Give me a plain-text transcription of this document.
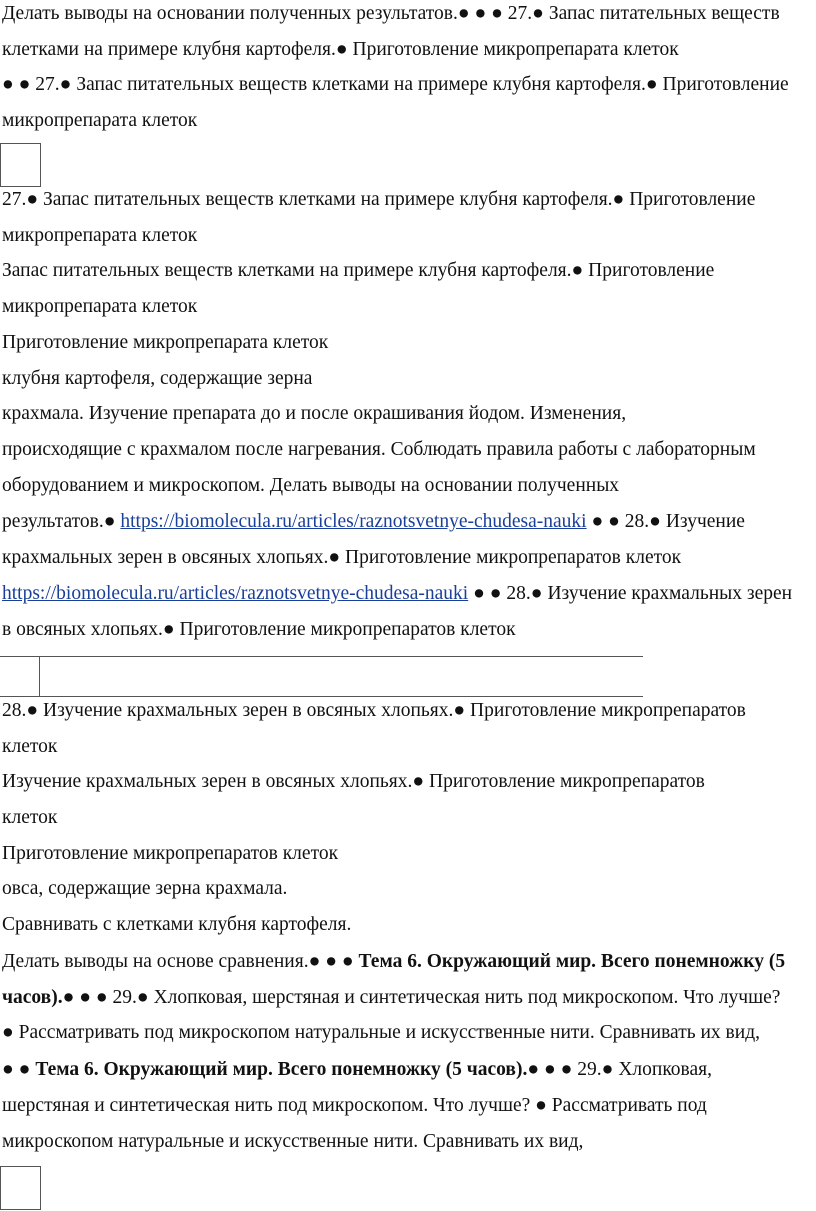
Делать выводы на основании полученных результатов.● ● ● 27.● Запас питательных веществ

клетками на примере клубня картофеля.● Приготовление микропрепарата клеток

● ● 27.● Запас питательных веществ клетками на примере клубня картофеля.● Приготовление

микропрепарата клеток

27.● Запас питательных веществ клетками на примере клубня картофеля.● Приготовление

микропрепарата клеток

Запас питательных веществ клетками на примере клубня картофеля.● Приготовление

микропрепарата клеток

Приготовление микропрепарата клеток

клубня картофеля, содержащие зерна

крахмала. Изучение препарата до и после окрашивания йодом. Изменения,

происходящие с крахмалом после нагревания. Соблюдать правила работы с лабораторным

оборудованием и микроскопом. Делать выводы на основании полученных

результатов.● https://biomolecula.ru/articles/raznotsvetnye-chudesa-nauki ● ● 28.● Изучение

крахмальных зерен в овсяных хлопьях.● Приготовление микропрепаратов клеток

https://biomolecula.ru/articles/raznotsvetnye-chudesa-nauki ● ● 28.● Изучение крахмальных зерен

в овсяных хлопьях.● Приготовление микропрепаратов клеток

28.● Изучение крахмальных зерен в овсяных хлопьях.● Приготовление микропрепаратов

клеток

Изучение крахмальных зерен в овсяных хлопьях.● Приготовление микропрепаратов

клеток

Приготовление микропрепаратов клеток

овса, содержащие зерна крахмала.

Сравнивать с клетками клубня картофеля.

Делать выводы на основе сравнения.● ● ● Тема 6. Окружающий мир. Всего понемножку (5

часов).● ● ● 29.● Хлопковая, шерстяная и синтетическая нить под микроскопом. Что лучше?

● Рассматривать под микроскопом натуральные и искусственные нити. Сравнивать их вид,

● ● Тема 6. Окружающий мир. Всего понемножку (5 часов).● ● ● 29.● Хлопковая,

шерстяная и синтетическая нить под микроскопом. Что лучше? ● Рассматривать под

микроскопом натуральные и искусственные нити. Сравнивать их вид,
